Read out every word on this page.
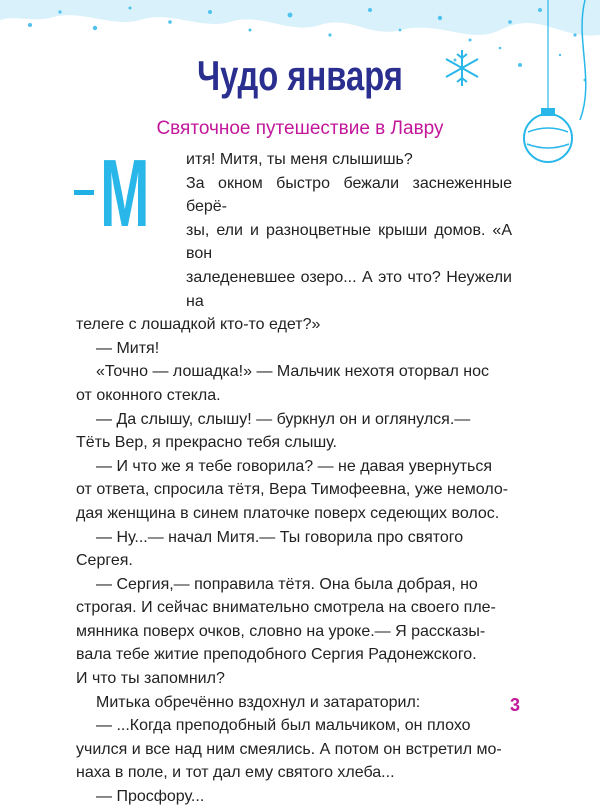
Чудо января
Святочное путешествие в Лавру
М	итя! Митя, ты меня слышишь?

За окном быстро бежали заснеженные берё-

зы, ели и разноцветные крыши домов. «А вон

заледеневшее озеро... А это что? Неужели на

телеге с лошадкой кто-то едет?»

— Митя!

«Точно — лошадка!» — Мальчик нехотя оторвал нос

от оконного стекла.

— Да слышу, слышу! — буркнул он и оглянулся.—

Тёть Вер, я прекрасно тебя слышу.

— И что же я тебе говорила? — не давая увернуться

от ответа, спросила тётя, Вера Тимофеевна, уже немоло-

дая женщина в синем платочке поверх седеющих волос.

— Ну...— начал Митя.— Ты говорила про святого

Сергея.

— Сергия,— поправила тётя. Она была добрая, но

строгая. И сейчас внимательно смотрела на своего пле-

мянника поверх очков, словно на уроке.— Я рассказы-

вала тебе житие преподобного Сергия Радонежского.

И что ты запомнил?

Митька обречённо вздохнул и затараторил:

— ...Когда преподобный был мальчиком, он плохо

учился и все над ним смеялись. А потом он встретил мо-

наха в поле, и тот дал ему святого хлеба...

— Просфору...

3
